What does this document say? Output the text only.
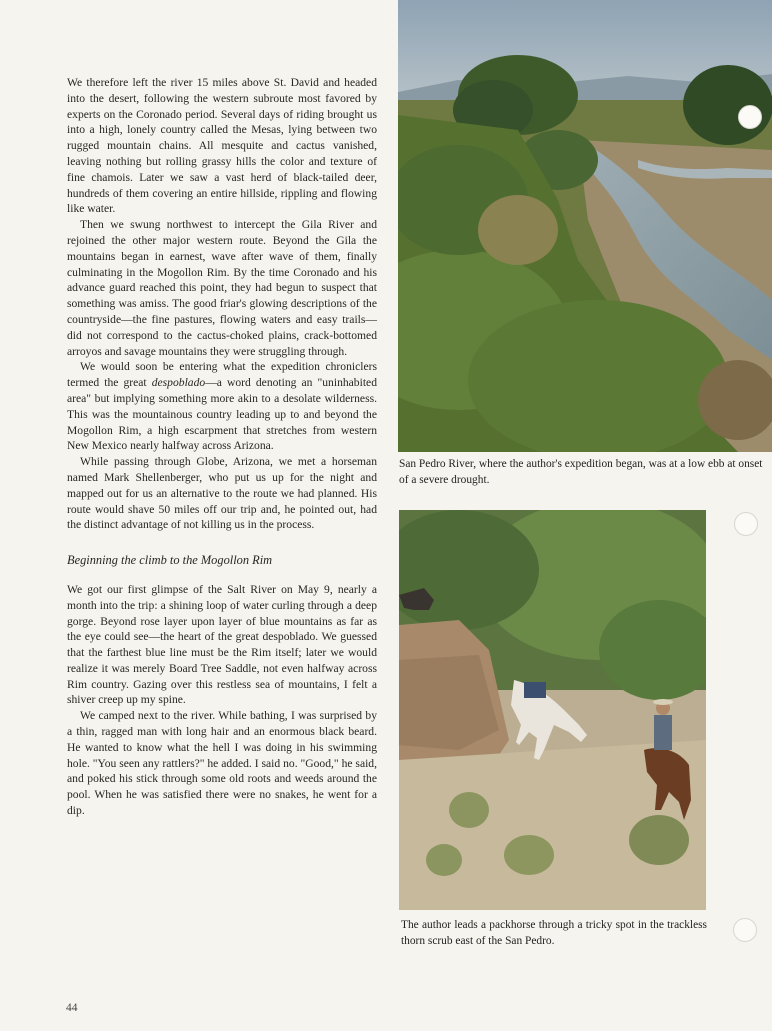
We therefore left the river 15 miles above St. David and headed into the desert, following the western subroute most favored by experts on the Coronado period. Several days of riding brought us into a high, lonely country called the Mesas, lying between two rugged mountain chains. All mesquite and cactus vanished, leaving nothing but rolling grassy hills the color and texture of fine chamois. Later we saw a vast herd of black-tailed deer, hundreds of them covering an entire hillside, rippling and flowing like water.

Then we swung northwest to intercept the Gila River and rejoined the other major western route. Beyond the Gila the mountains began in earnest, wave after wave of them, finally culminating in the Mogollon Rim. By the time Coronado and his advance guard reached this point, they had begun to suspect that something was amiss. The good friar's glowing descriptions of the countryside—the fine pastures, flowing waters and easy trails—did not correspond to the cactus-choked plains, crack-bottomed arroyos and savage mountains they were struggling through.

We would soon be entering what the expedition chroniclers termed the great despoblado—a word denoting an "uninhabited area" but implying something more akin to a desolate wilderness. This was the mountainous country leading up to and beyond the Mogollon Rim, a high escarpment that stretches from western New Mexico nearly halfway across Arizona.

While passing through Globe, Arizona, we met a horseman named Mark Shellenberger, who put us up for the night and mapped out for us an alternative to the route we had planned. His route would shave 50 miles off our trip and, he pointed out, had the distinct advantage of not killing us in the process.

Beginning the climb to the Mogollon Rim

We got our first glimpse of the Salt River on May 9, nearly a month into the trip: a shining loop of water curling through a deep gorge. Beyond rose layer upon layer of blue mountains as far as the eye could see—the heart of the great despoblado. We guessed that the farthest blue line must be the Rim itself; later we would realize it was merely Board Tree Saddle, not even halfway across Rim country. Gazing over this restless sea of mountains, I felt a shiver creep up my spine.

We camped next to the river. While bathing, I was surprised by a thin, ragged man with long hair and an enormous black beard. He wanted to know what the hell I was doing in his swimming hole. "You seen any rattlers?" he added. I said no. "Good," he said, and poked his stick through some old roots and weeds around the pool. When he was satisfied there were no snakes, he went for a dip.

44
San Pedro River, where the author's expedition began, was at a low ebb at onset of a severe drought.
The author leads a packhorse through a tricky spot in the trackless thorn scrub east of the San Pedro.
